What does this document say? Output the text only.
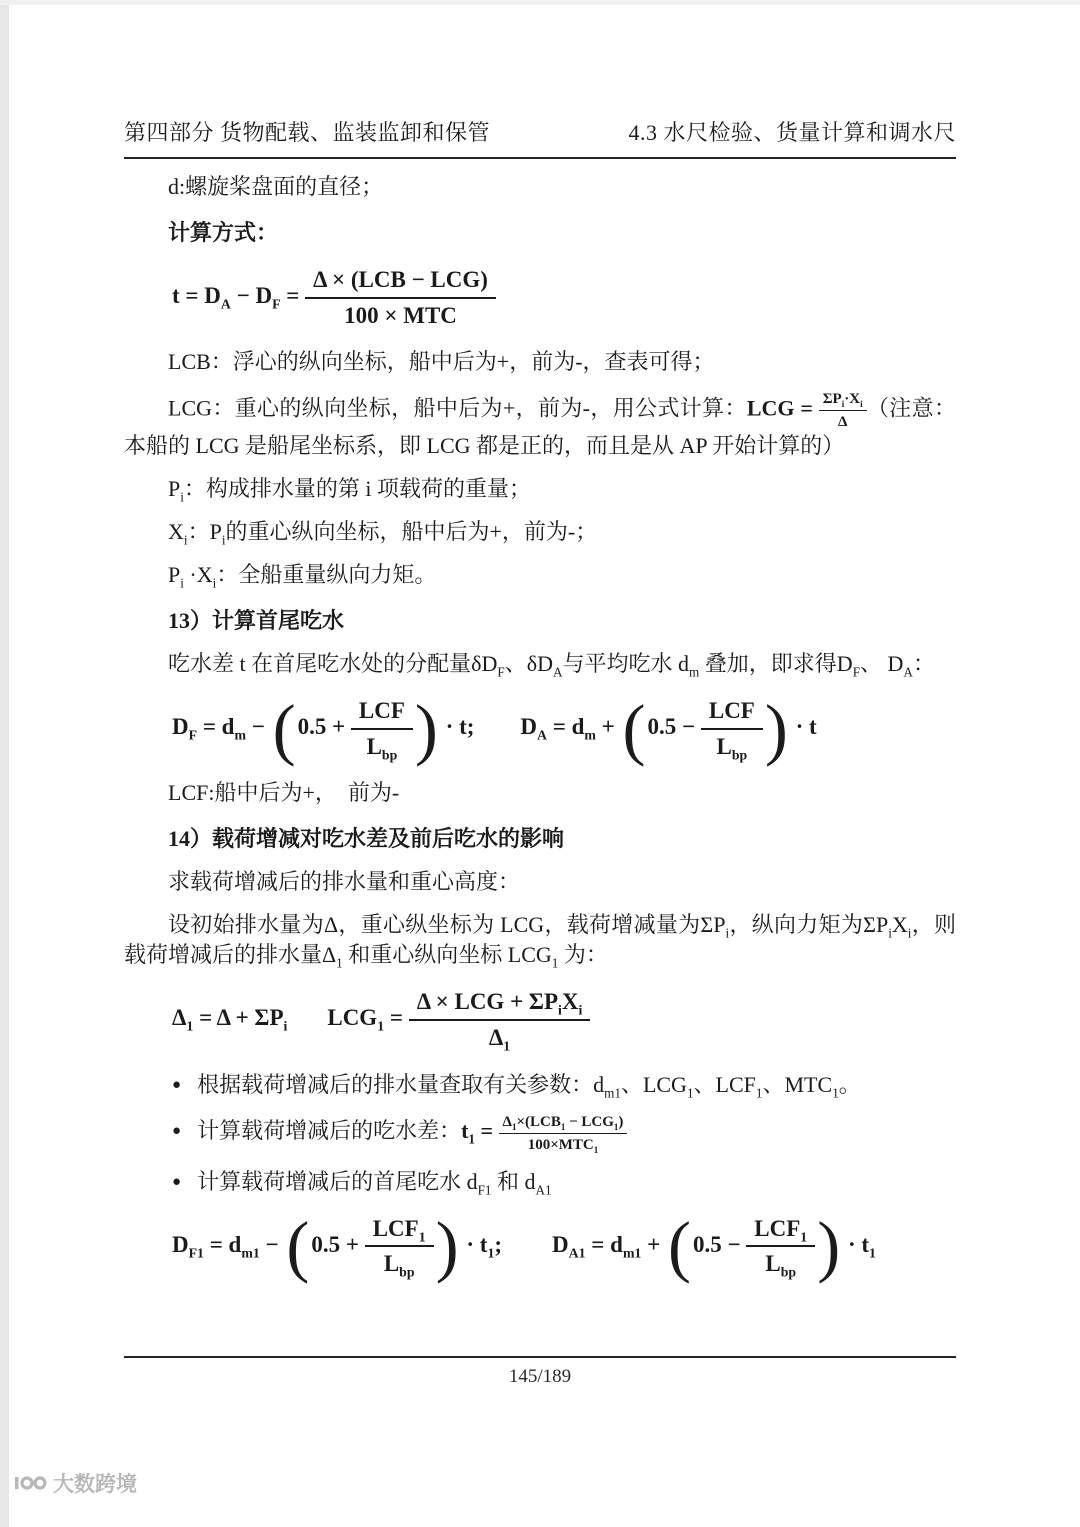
第四部分 货物配载、监装监卸和保管	4.3 水尺检验、货量计算和调水尺

d:螺旋桨盘面的直径；

计算方式：

$t = D_A - D_F = \frac{\text{Δ × (LCB − LCG)}}{\text{100 × MTC}}$

LCB：浮心的纵向坐标，船中后为+，前为-，查表可得；

LCG：重心的纵向坐标，船中后为+，前为-，用公式计算：LCG = $\frac{\Sigma P_i\cdot X_i}{\Delta}$ （注意：本船的 LCG 是船尾坐标系，即 LCG 都是正的，而且是从 AP 开始计算的）

$P_i$：构成排水量的第 i 项载荷的重量；

$X_i$：$P_i$的重心纵向坐标，船中后为+，前为-；

$P_i \cdot X_i$：全船重量纵向力矩。

13）计算首尾吃水

吃水差 t 在首尾吃水处的分配量$\delta D_F$、$\delta D_A$与平均吃水 $d_m$ 叠加，即求得$D_F$、 $D_A$：

$D_F = d_m - (0.5 + \frac{\text{LCF}}{L_{bp}}$ ) · t; $D_A = d_m + (0.5 - \frac{\text{LCF}}{L_{bp}}$ ) · t

LCF:船中后为+，　前为-

14）载荷增减对吃水差及前后吃水的影响

求载荷增减后的排水量和重心高度：

设初始排水量为Δ，重心纵坐标为 LCG，载荷增减量为$\Sigma P_i$，纵向力矩为$\Sigma P_iX_i$，则载荷增减后的排水量$\Delta_1$ 和重心纵向坐标 $LCG_1$ 为：

$\Delta_1 = \Delta + \Sigma P_i$ $LCG_1 = \frac{\Delta \times LCG + \Sigma P_iX_i}{\Delta_1}$

● 根据载荷增减后的排水量查取有关参数：$d_{m1}$、$LCG_1$、$LCF_1$、$MTC_1$。

● 计算载荷增减后的吃水差：$t_1 = \frac{\Delta_1\times(LCB_1 - LCG_1)}{100\times MTC_1}$

● 计算载荷增减后的首尾吃水 $d_{F1}$ 和 $d_{A1}$

$D_{F1} = d_{m1} - (0.5 + \frac{LCF_1}{L_{bp}}$ ) · $t_1$; $D_{A1} = d_{m1} + (0.5 - \frac{LCF_1}{L_{bp}}$ ) · $t_1$
145/189
大数跨境
